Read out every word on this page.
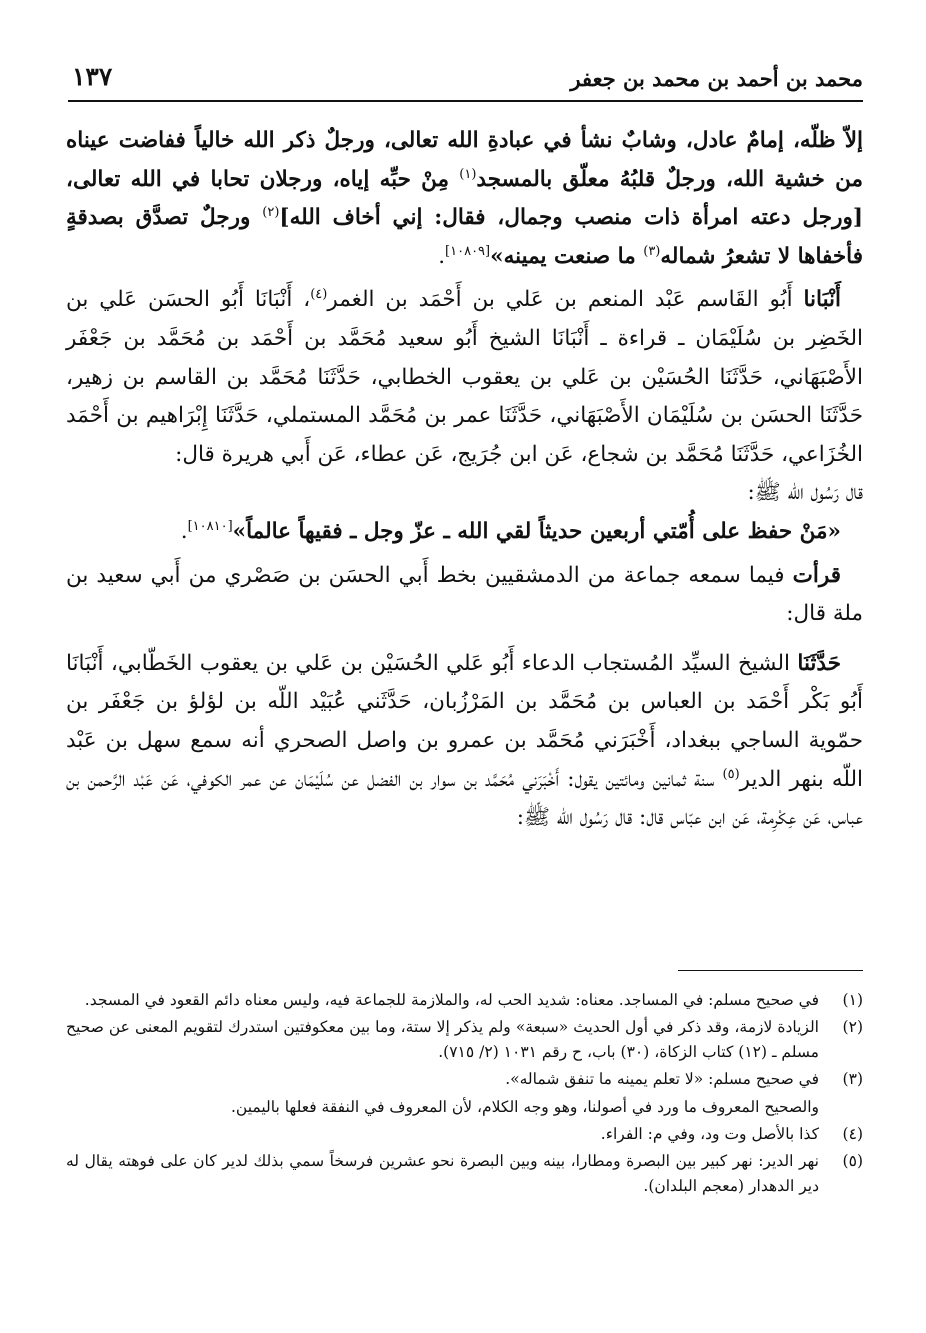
محمد بن أحمد بن محمد بن جعفر
١٣٧

إلاّ ظلّه، إمامٌ عادل، وشابٌ نشأ في عبادةِ الله تعالى، ورجلٌ ذكر الله خالياً ففاضت عيناه من خشية الله، ورجلٌ قلبُهُ معلّق بالمسجد$^{(١)}$ مِنْ حبِّه إياه، ورجلان تحابا في الله تعالى، [ورجل دعته امرأة ذات منصب وجمال، فقال: إني أخاف الله]$^{(٢)}$ ورجلٌ تصدَّق بصدقةٍ فأخفاها لا تشعرُ شماله$^{(٣)}$ ما صنعت يمينه»[١٠٨٠٩].

أَنْبَانا أَبُو القَاسم عَبْد المنعم بن عَلي بن أَحْمَد بن الغمر$^{(٤)}$، أَنْبَانَا أَبُو الحسَن عَلي بن الخَضِر بن سُلَيْمَان ـ قراءة ـ أَنْبَانَا الشيخ أَبُو سعيد مُحَمَّد بن أَحْمَد بن مُحَمَّد بن جَعْفَر الأَصْبَهَاني، حَدَّثَنَا الحُسَيْن بن عَلي بن يعقوب الخطابي، حَدَّثَنَا مُحَمَّد بن القاسم بن زهير، حَدَّثَنَا الحسَن بن سُلَيْمَان الأَصْبَهَاني، حَدَّثَنَا عمر بن مُحَمَّد المستملي، حَدَّثَنَا إِبْرَاهيم بن أَحْمَد الخُزَاعي، حَدَّثَنَا مُحَمَّد بن شجاع، عَن ابن جُرَيج، عَن عطاء، عَن أَبي هريرة قال:

قال رَسُول الله ﷺ:

«مَنْ حفظ على أُمّتي أربعين حديثاً لقي الله ـ عزّ وجل ـ فقيهاً عالماً»[١٠٨١٠].

قرأت فيما سمعه جماعة من الدمشقيين بخط أَبي الحسَن بن صَصْري من أَبي سعيد بن ملة قال:

حَدَّثَنَا الشيخ السيِّد المُستجاب الدعاء أَبُو عَلي الحُسَيْن بن عَلي بن يعقوب الخَطّابي، أَنْبَانَا أَبُو بَكْر أَحْمَد بن العباس بن مُحَمَّد بن المَرْزُبان، حَدَّثَني عُبَيْد اللّه بن لؤلؤ بن جَعْفَر بن حمّوية الساجي ببغداد، أَخْبَرَني مُحَمَّد بن عمرو بن واصل الصحري أنه سمع سهل بن عَبْد اللّه بنهر الدير$^{(٥)}$ سنة ثمانين ومائتين يقول: أَخْبَرَني مُحَمَّد بن سوار بن الفضل عن سُلَيْمَان عن عمر الكوفي، عَن عَبْد الرَّحمن بن عباس، عَن عِكْرِمة، عَن ابن عبّاس قال: قال رَسُول الله ﷺ:

(١)
في صحيح مسلم: في المساجد. معناه: شديد الحب له، والملازمة للجماعة فيه، وليس معناه دائم القعود في المسجد.
(٢)
الزيادة لازمة، وقد ذكر في أول الحديث «سبعة» ولم يذكر إلا ستة، وما بين معكوفتين استدرك لتقويم المعنى عن صحيح مسلم ـ (١٢) كتاب الزكاة، (٣٠) باب، ح رقم ١٠٣١ (٢/ ٧١٥).
(٣)
في صحيح مسلم: «لا تعلم يمينه ما تنفق شماله».
والصحيح المعروف ما ورد في أصولنا، وهو وجه الكلام، لأن المعروف في النفقة فعلها باليمين.
(٤)
كذا بالأصل وت ود، وفي م: الفراء.
(٥)
نهر الدير: نهر كبير بين البصرة ومطارا، بينه وبين البصرة نحو عشرين فرسخاً سمي بذلك لدير كان على فوهته يقال له دير الدهدار (معجم البلدان).
